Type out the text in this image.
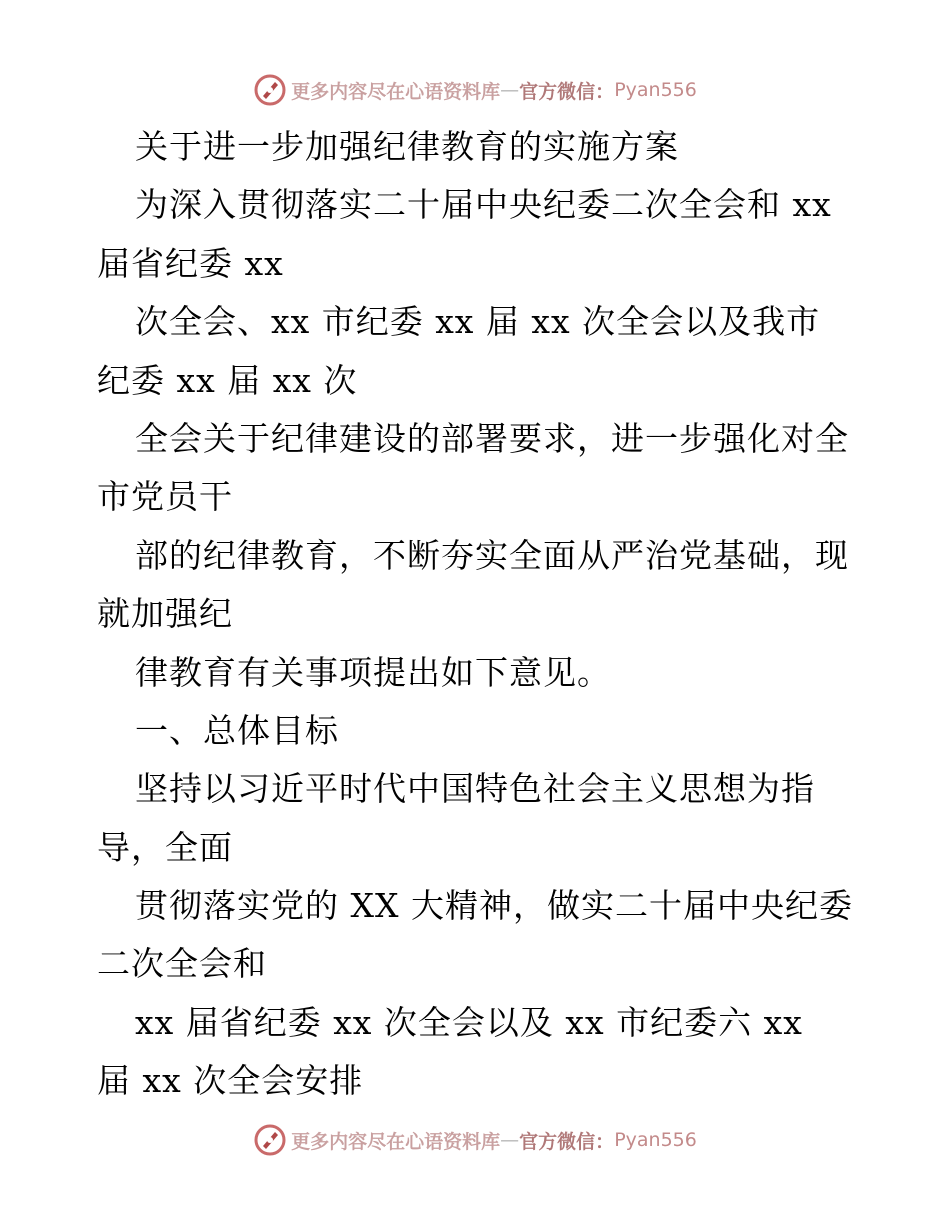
更多内容尽在心语资料库 — 官方微信： Pyan556
关于进一步加强纪律教育的实施方案
为深入贯彻落实二十届中央纪委二次全会和 xx
届省纪委 xx
次全会、xx 市纪委 xx 届 xx 次全会以及我市
纪委 xx 届 xx 次
全会关于纪律建设的部署要求，进一步强化对全
市党员干
部的纪律教育，不断夯实全面从严治党基础，现
就加强纪
律教育有关事项提出如下意见。
一、总体目标
坚持以习近平时代中国特色社会主义思想为指
导，全面
贯彻落实党的 XX 大精神，做实二十届中央纪委
二次全会和
xx 届省纪委 xx 次全会以及 xx 市纪委六 xx
届 xx 次全会安排
更多内容尽在心语资料库 — 官方微信： Pyan556
